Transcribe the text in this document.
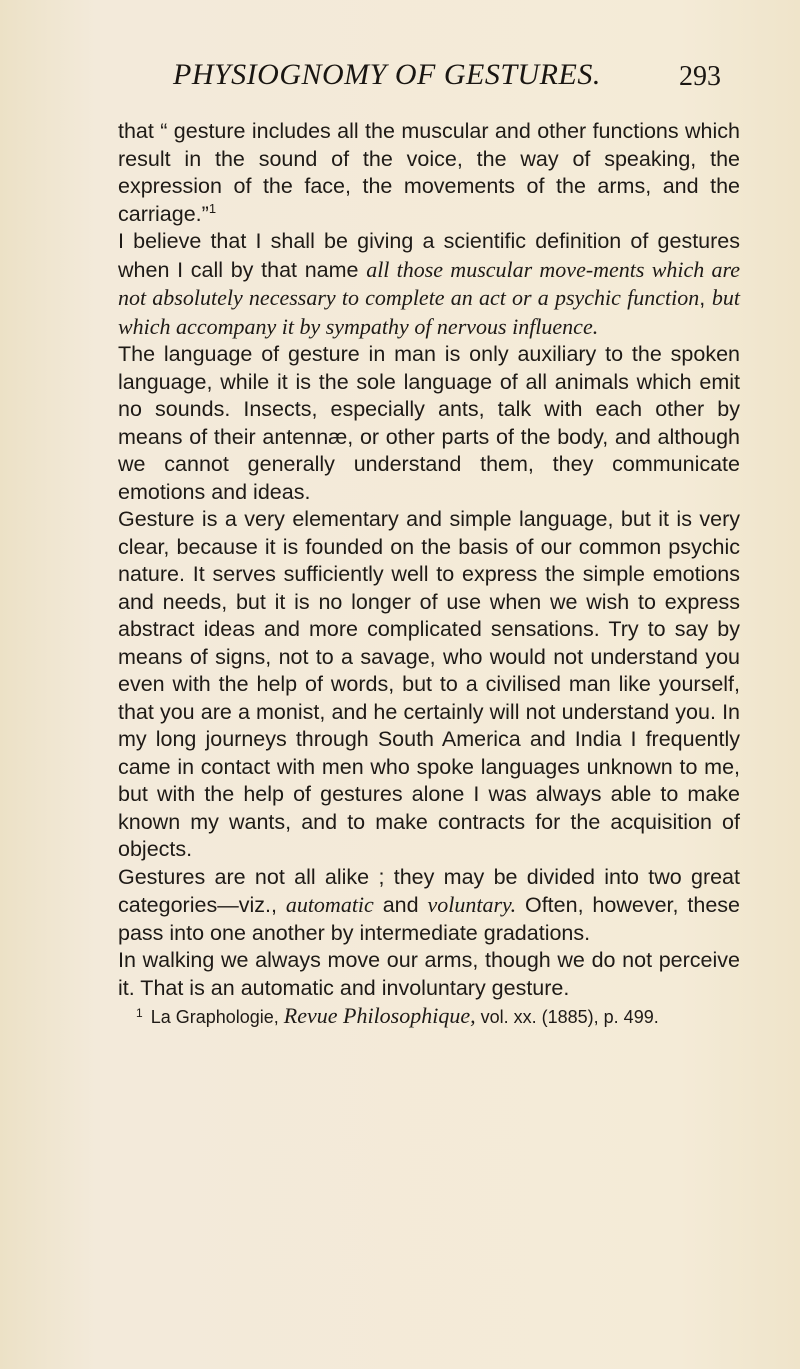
PHYSIOGNOMY OF GESTURES.	293

that “ gesture includes all the muscular and other functions which result in the sound of the voice, the way of speaking, the expression of the face, the movements of the arms, and the carriage.”$^1$

I believe that I shall be giving a scientific definition of gestures when I call by that name all those muscular move-ments which are not absolutely necessary to complete an act or a psychic function, but which accompany it by sympathy of nervous influence.

The language of gesture in man is only auxiliary to the spoken language, while it is the sole language of all animals which emit no sounds. Insects, especially ants, talk with each other by means of their antennæ, or other parts of the body, and although we cannot generally understand them, they communicate emotions and ideas.

Gesture is a very elementary and simple language, but it is very clear, because it is founded on the basis of our common psychic nature. It serves sufficiently well to express the simple emotions and needs, but it is no longer of use when we wish to express abstract ideas and more complicated sensations. Try to say by means of signs, not to a savage, who would not understand you even with the help of words, but to a civilised man like yourself, that you are a monist, and he certainly will not understand you. In my long journeys through South America and India I frequently came in contact with men who spoke languages unknown to me, but with the help of gestures alone I was always able to make known my wants, and to make contracts for the acquisition of objects.

Gestures are not all alike ; they may be divided into two great categories—viz., automatic and voluntary. Often, however, these pass into one another by intermediate gradations.

In walking we always move our arms, though we do not perceive it. That is an automatic and involuntary gesture.

$^1$ La Graphologie, Revue Philosophique, vol. xx. (1885), p. 499.
